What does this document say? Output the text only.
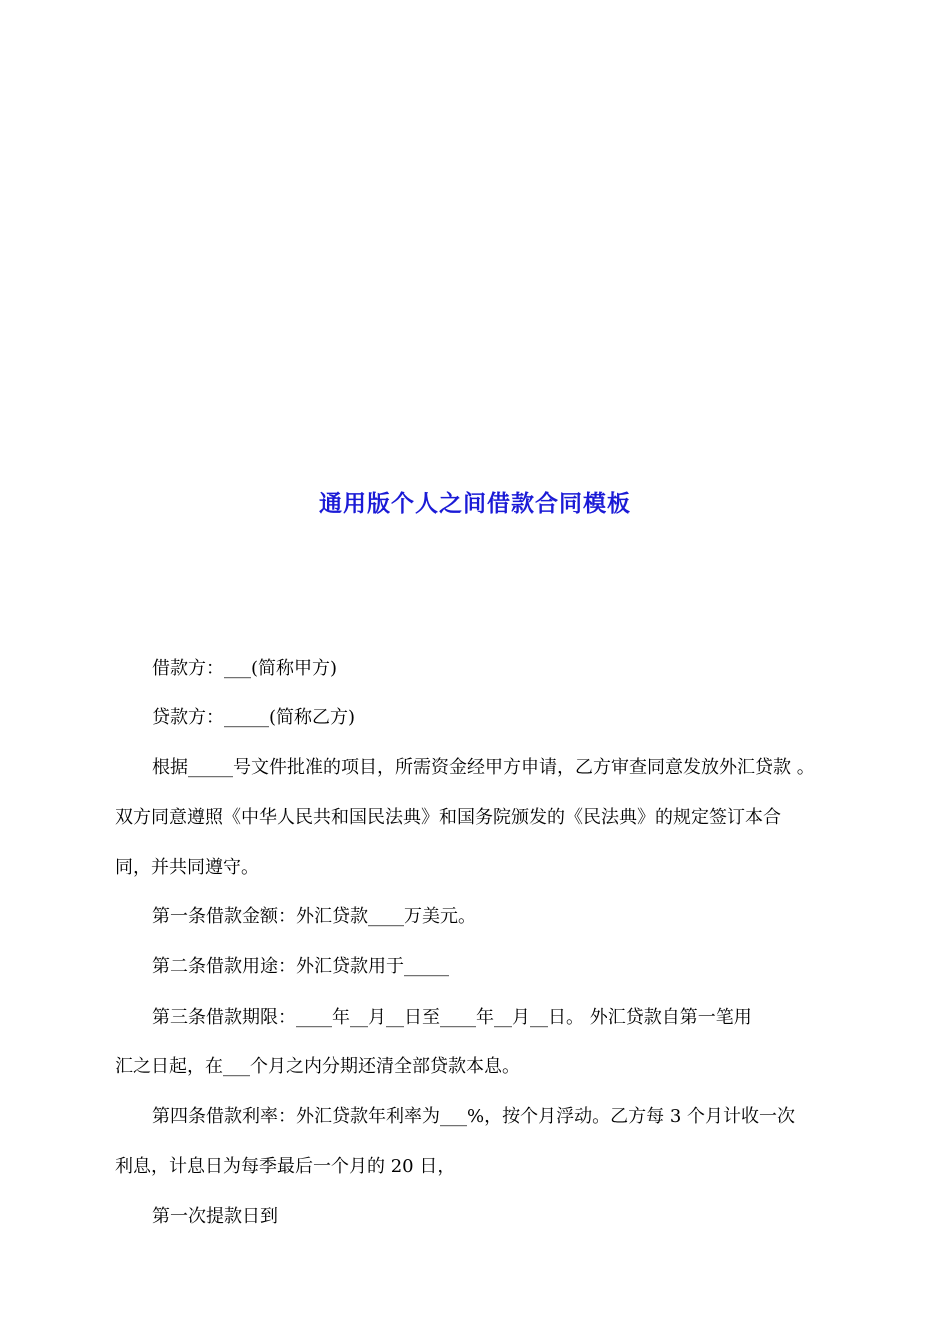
通用版个人之间借款合同模板
借款方：___(简称甲方)
贷款方：_____(简称乙方)
根据_____号文件批准的项目，所需资金经甲方申请，乙方审查同意发放外汇贷款 。
双方同意遵照《中华人民共和国民法典》和国务院颁发的《民法典》的规定签订本合
同，并共同遵守。
第一条借款金额：外汇贷款____万美元。
第二条借款用途：外汇贷款用于_____
第三条借款期限：____年__月__日至____年__月__日。 外汇贷款自第一笔用
汇之日起，在___个月之内分期还清全部贷款本息。
第四条借款利率：外汇贷款年利率为___%，按个月浮动。乙方每 3 个月计收一次
利息，计息日为每季最后一个月的 20 日，
第一次提款日到
